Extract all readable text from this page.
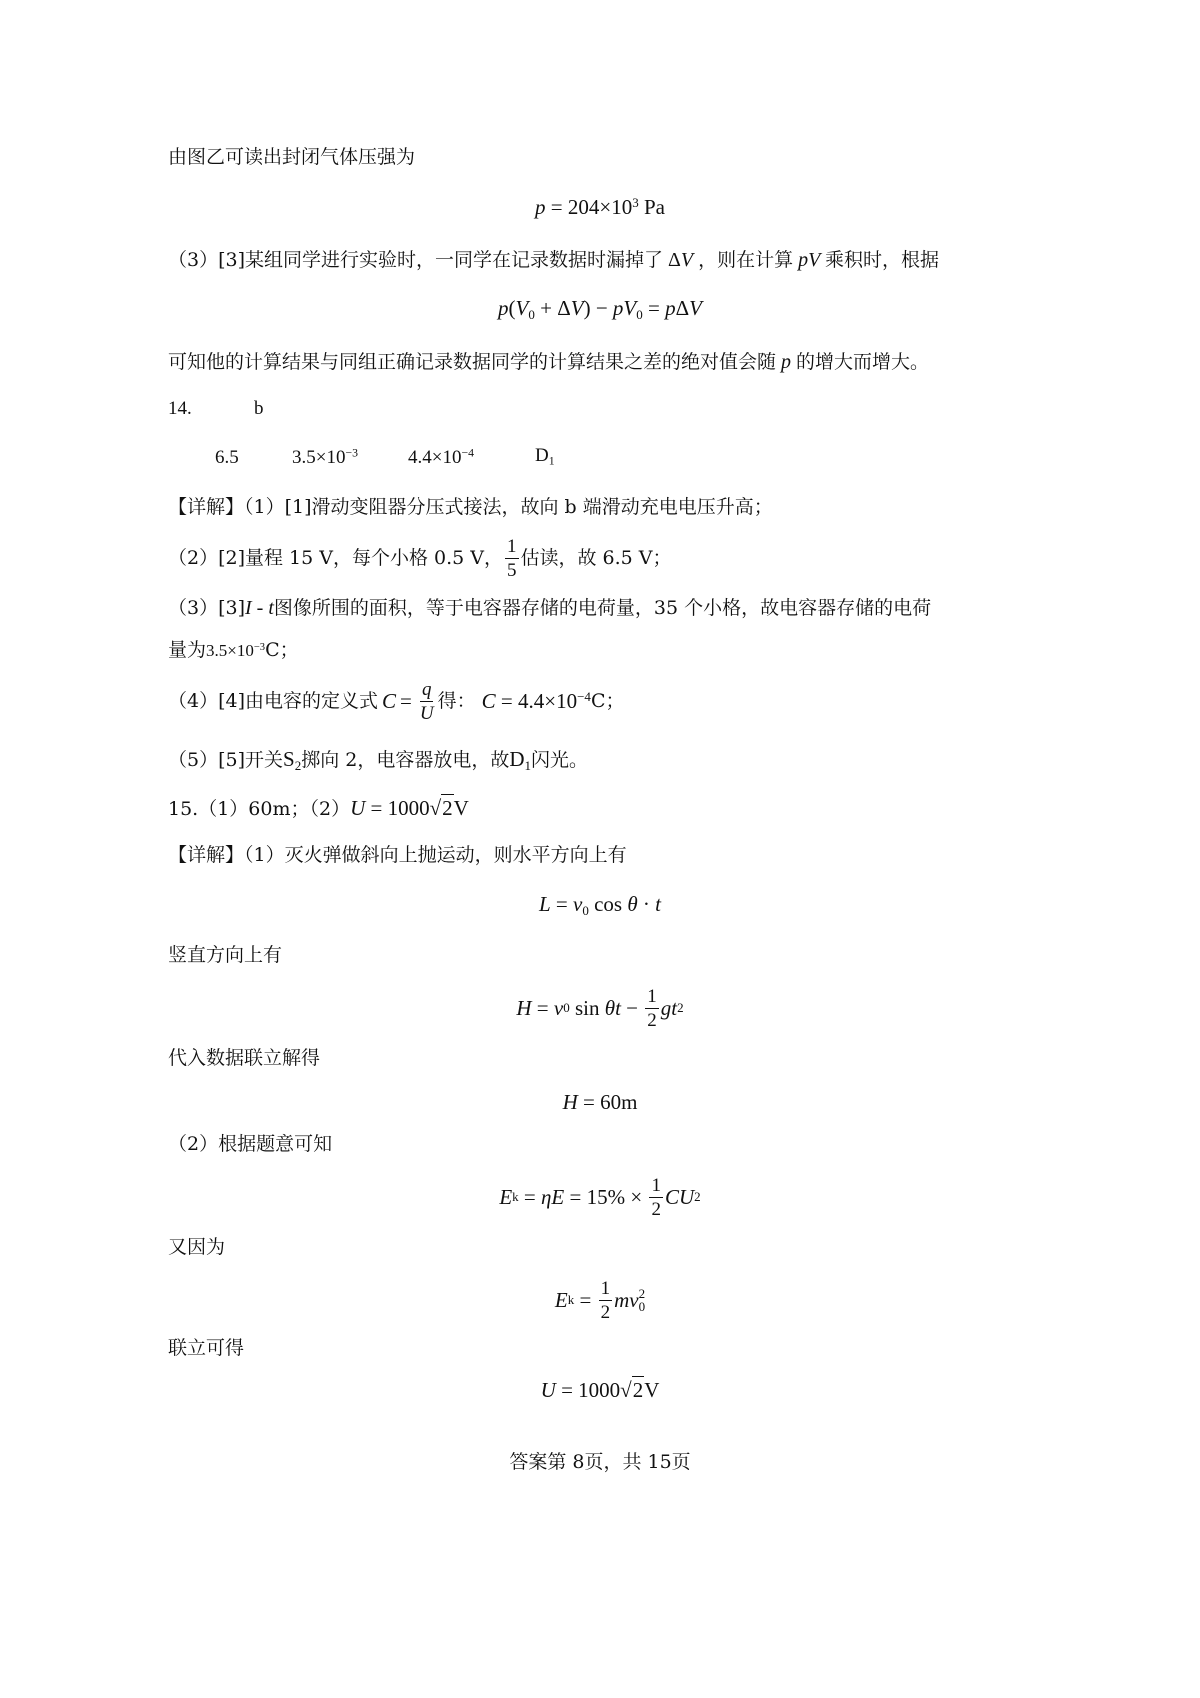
由图乙可读出封闭气体压强为
$p = 204\times 10^3$ Pa
（3）[3]某组同学进行实验时，一同学在记录数据时漏掉了 ΔV ，则在计算 pV 乘积时，根据
$p(V_0 + \Delta V) - pV_0 = p\Delta V$
可知他的计算结果与同组正确记录数据同学的计算结果之差的绝对值会随 p 的增大而增大。
14.	b
6.5	$3.5\times 10^{-3}$	$4.4\times 10^{-4}$	$D_1$
【详解】（1）[1]滑动变阻器分压式接法，故向 b 端滑动充电电压升高；
（2）[2]量程 15 V，每个小格 0.5 V， $\frac{1}{5}$ 估读，故 6.5 V；
（3）[3]I - t图像所围的面积，等于电容器存储的电荷量，35 个小格，故电容器存储的电荷
量为$3.5\times 10^{-3}C$；
（4）[4]由电容的定义式 $C = \frac{q}{U}$ 得： $C = 4.4\times 10^{-4}$ C；
（5）[5]开关$S_2$掷向 2，电容器放电，故$D_1$闪光。
15.（1）60m；（2）U = 1000√2V
【详解】（1）灭火弹做斜向上抛运动，则水平方向上有
$L = v_0$ cos θ · t
竖直方向上有
H = v 0 $\sin \theta t - \frac{1}{2}$ gt 2
代入数据联立解得
H = 60m
（2）根据题意可知
E $k = \eta E = 15\% \times \frac{1}{2}$ CU 2
又因为
E $k = \frac{1}{2}$ mv 2
0
联立可得
U = 1000√2V
答案第 8页，共 15页
